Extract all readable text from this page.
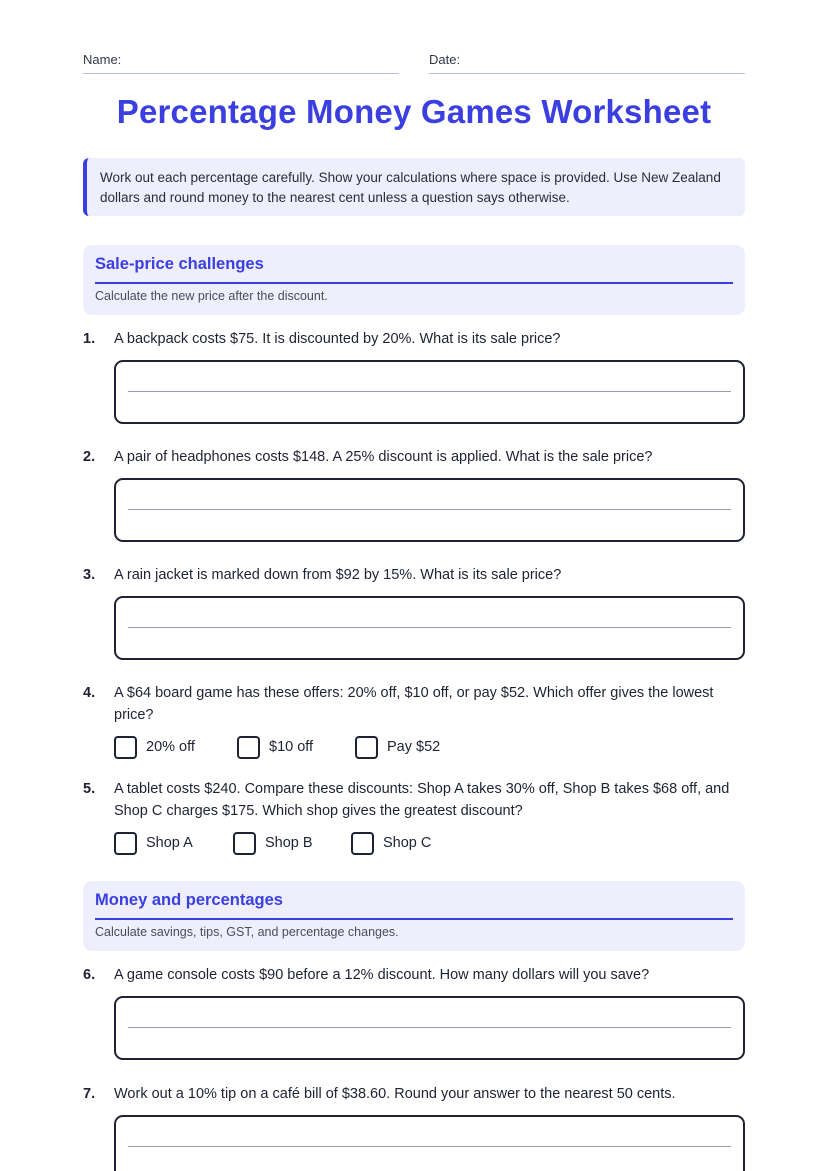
Name:	Date:
Percentage Money Games Worksheet
Work out each percentage carefully. Show your calculations where space is provided. Use New Zealand dollars and round money to the nearest cent unless a question says otherwise.
Sale-price challenges
Calculate the new price after the discount.
1. A backpack costs $75. It is discounted by 20%. What is its sale price?
2. A pair of headphones costs $148. A 25% discount is applied. What is the sale price?
3. A rain jacket is marked down from $92 by 15%. What is its sale price?
4. A $64 board game has these offers: 20% off, $10 off, or pay $52. Which offer gives the lowest price?
20% off	$10 off	Pay $52
5. A tablet costs $240. Compare these discounts: Shop A takes 30% off, Shop B takes $68 off, and Shop C charges $175. Which shop gives the greatest discount?
Shop A	Shop B	Shop C
Money and percentages
Calculate savings, tips, GST, and percentage changes.
6. A game console costs $90 before a 12% discount. How many dollars will you save?
7. Work out a 10% tip on a café bill of $38.60. Round your answer to the nearest 50 cents.
